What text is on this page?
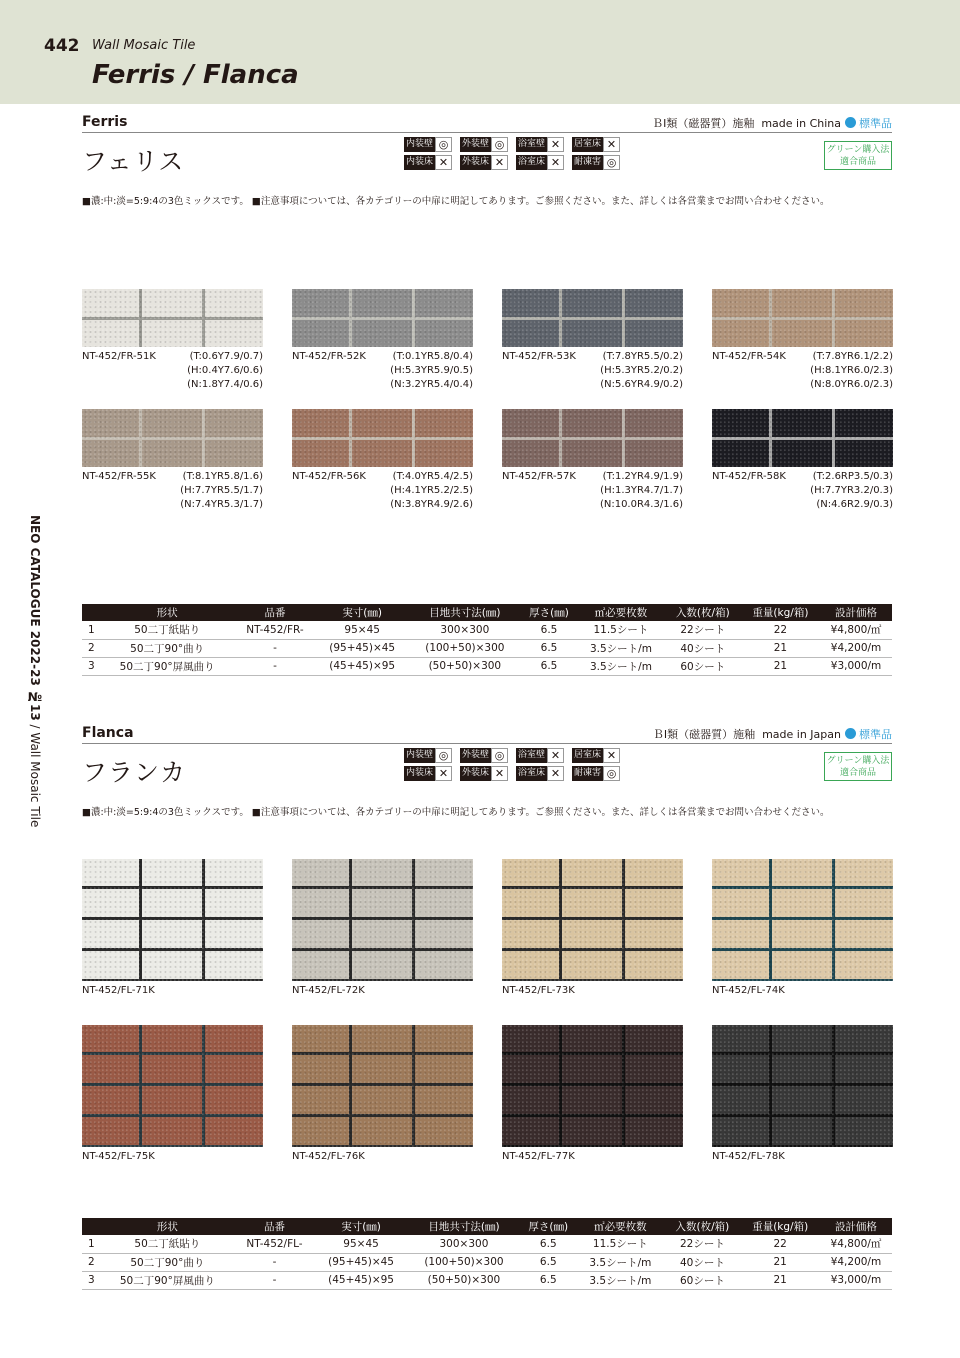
442 Wall Mosaic Tile
Ferris / Flanca
NEO CATALOGUE 2022-23 №13 / Wall Mosaic Tile
Ferris	ＢⅠ類（磁器質）施釉 made in China 標準品
フェリス
内装壁 ◎	外装壁 ◎	浴室壁 ✕	居室床 ✕
内装床 ✕	外装床 ✕	浴室床 ✕	耐凍害 ◎
グリーン購入法
適合商品
■濃:中:淡=5:9:4の3色ミックスです。 ■注意事項については、各カテゴリーの中扉に明記してあります。ご参照ください。また、詳しくは各営業までお問い合わせください。
NT-452/FR-51K	(T:0.6Y7.9/0.7)
(H:0.4Y7.6/0.6)
(N:1.8Y7.4/0.6)
NT-452/FR-52K	(T:0.1YR5.8/0.4)
(H:5.3YR5.9/0.5)
(N:3.2YR5.4/0.4)
NT-452/FR-53K	(T:7.8YR5.5/0.2)
(H:5.3YR5.2/0.2)
(N:5.6YR4.9/0.2)
NT-452/FR-54K	(T:7.8YR6.1/2.2)
(H:8.1YR6.0/2.3)
(N:8.0YR6.0/2.3)
NT-452/FR-55K	(T:8.1YR5.8/1.6)
(H:7.7YR5.5/1.7)
(N:7.4YR5.3/1.7)
NT-452/FR-56K	(T:4.0YR5.4/2.5)
(H:4.1YR5.2/2.5)
(N:3.8YR4.9/2.6)
NT-452/FR-57K	(T:1.2YR4.9/1.9)
(H:1.3YR4.7/1.7)
(N:10.0R4.3/1.6)
NT-452/FR-58K	(T:2.6RP3.5/0.3)
(H:7.7YR3.2/0.3)
(N:4.6R2.9/0.3)
	形状	品番	実寸(㎜)	目地共寸法(㎜)	厚さ(㎜)	㎡必要枚数	入数(枚/箱)	重量(kg/箱)	設計価格
1	50二丁紙貼り	NT-452/FR-	95×45	300×300	6.5	11.5シート	22シート	22	¥4,800/㎡
2	50二丁90°曲り	-	(95+45)×45	(100+50)×300	6.5	3.5シート/m	40シート	21	¥4,200/m
3	50二丁90°屏風曲り	-	(45+45)×95	(50+50)×300	6.5	3.5シート/m	60シート	21	¥3,000/m
Flanca	ＢⅠ類（磁器質）施釉 made in Japan 標準品
フランカ
内装壁 ◎	外装壁 ◎	浴室壁 ✕	居室床 ✕
内装床 ✕	外装床 ✕	浴室床 ✕	耐凍害 ◎
グリーン購入法
適合商品
■濃:中:淡=5:9:4の3色ミックスです。 ■注意事項については、各カテゴリーの中扉に明記してあります。ご参照ください。また、詳しくは各営業までお問い合わせください。
NT-452/FL-71K	NT-452/FL-72K	NT-452/FL-73K	NT-452/FL-74K
NT-452/FL-75K	NT-452/FL-76K	NT-452/FL-77K	NT-452/FL-78K
	形状	品番	実寸(㎜)	目地共寸法(㎜)	厚さ(㎜)	㎡必要枚数	入数(枚/箱)	重量(kg/箱)	設計価格
1	50二丁紙貼り	NT-452/FL-	95×45	300×300	6.5	11.5シート	22シート	22	¥4,800/㎡
2	50二丁90°曲り	-	(95+45)×45	(100+50)×300	6.5	3.5シート/m	40シート	21	¥4,200/m
3	50二丁90°屏風曲り	-	(45+45)×95	(50+50)×300	6.5	3.5シート/m	60シート	21	¥3,000/m
